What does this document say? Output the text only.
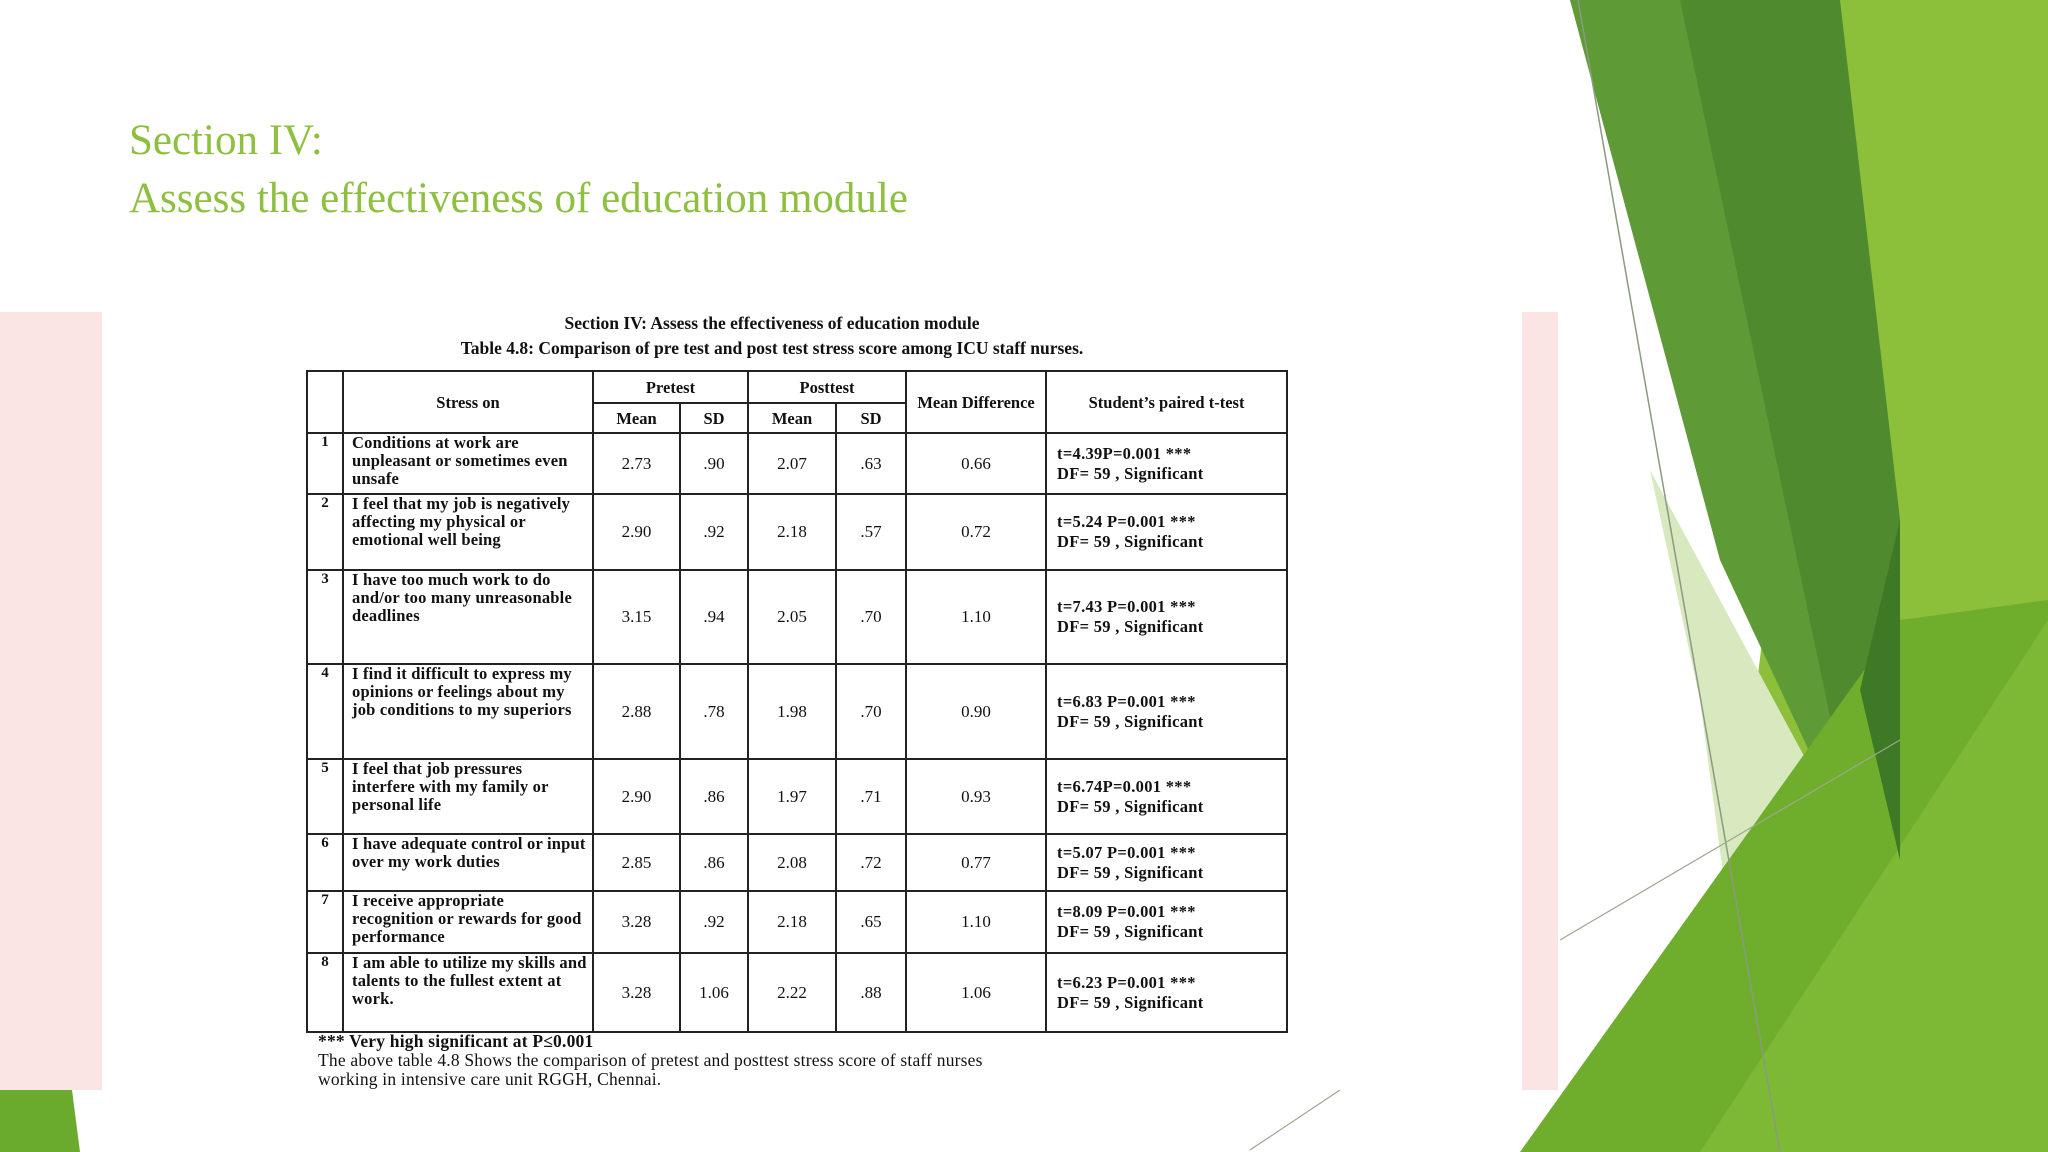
Section IV:
Assess the effectiveness of education module
Section IV: Assess the effectiveness of education module
Table 4.8: Comparison of pre test and post test stress score among ICU staff nurses.
	Stress on	Pretest		Posttest		Mean Difference	Student’s paired t-test
		Mean	SD	Mean	SD		
1	Conditions at work are unpleasant or sometimes even unsafe	2.73	.90	2.07	.63	0.66	t=4.39P=0.001 ***
DF= 59 , Significant

2	I feel that my job is negatively affecting my physical or emotional well being	2.90	.92	2.18	.57	0.72	t=5.24 P=0.001 ***
DF= 59 , Significant

3	I have too much work to do and/or too many unreasonable deadlines	3.15	.94	2.05	.70	1.10	t=7.43 P=0.001 ***
DF= 59 , Significant

4	I find it difficult to express my opinions or feelings about my job conditions to my superiors	2.88	.78	1.98	.70	0.90	t=6.83 P=0.001 ***
DF= 59 , Significant

5	I feel that job pressures interfere with my family or personal life	2.90	.86	1.97	.71	0.93	t=6.74P=0.001 ***
DF= 59 , Significant

6	I have adequate control or input over my work duties	2.85	.86	2.08	.72	0.77	t=5.07 P=0.001 ***
DF= 59 , Significant

7	I receive appropriate recognition or rewards for good performance	3.28	.92	2.18	.65	1.10	t=8.09 P=0.001 ***
DF= 59 , Significant

8	I am able to utilize my skills and talents to the fullest extent at work.	3.28	1.06	2.22	.88	1.06	t=6.23 P=0.001 ***
DF= 59 , Significant
*** Very high significant at P≤0.001
The above table 4.8 Shows the comparison of pretest and posttest stress score of staff nurses
working in intensive care unit RGGH, Chennai.
